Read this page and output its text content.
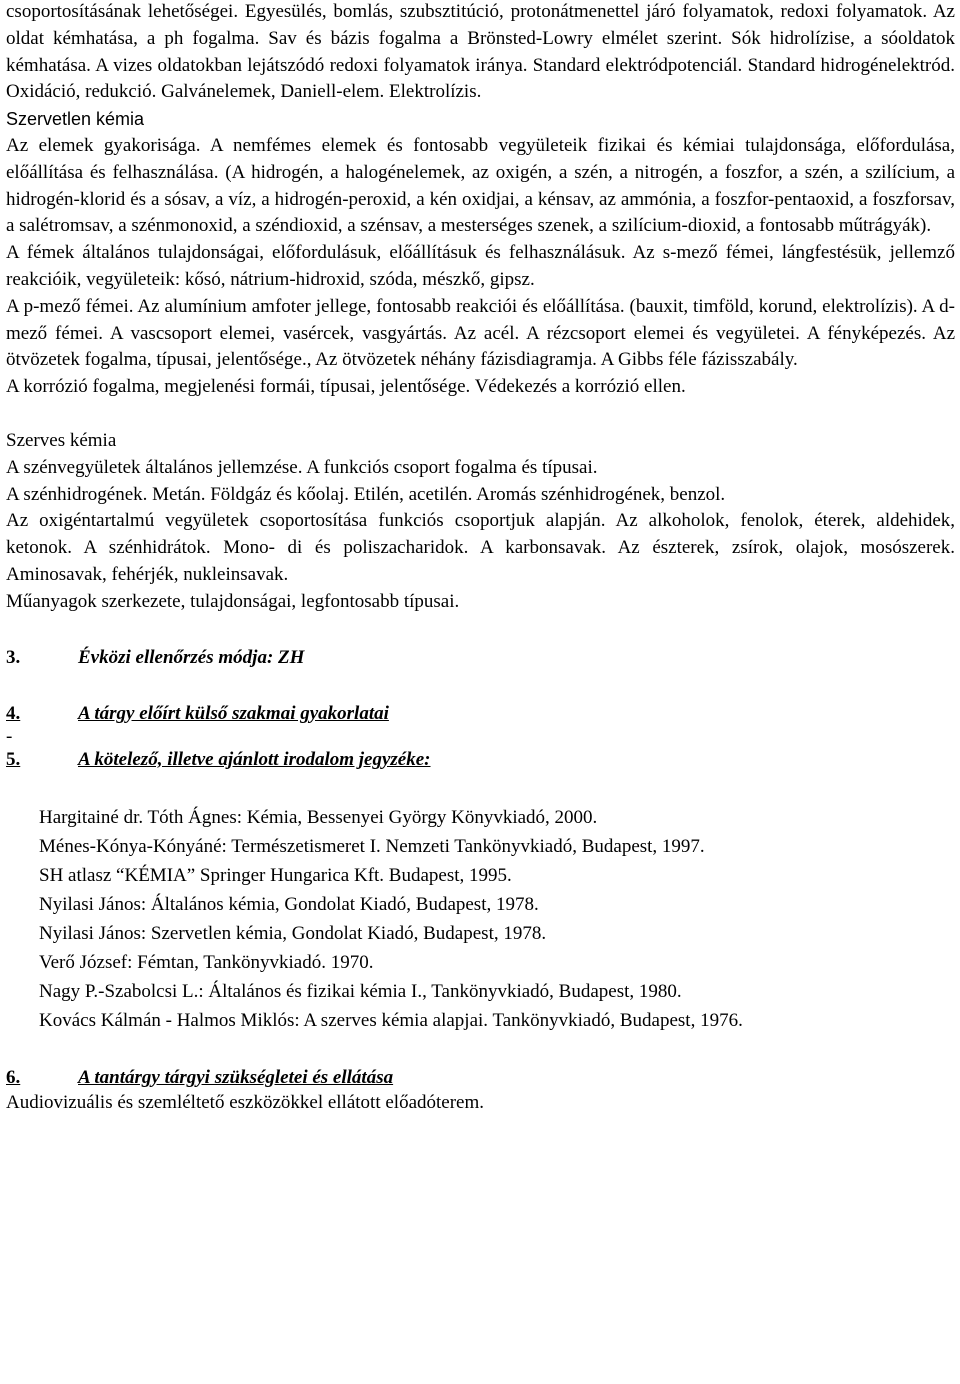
csoportosításának lehetőségei. Egyesülés, bomlás, szubsztitúció, protonátmenettel járó folyamatok, redoxi folyamatok. Az oldat kémhatása, a ph fogalma. Sav és bázis fogalma a Brönsted-Lowry elmélet szerint. Sók hidrolízise, a sóoldatok kémhatása. A vizes oldatokban lejátszódó redoxi folyamatok iránya. Standard elektródpotenciál. Standard hidrogénelektród. Oxidáció, redukció. Galvánelemek, Daniell-elem. Elektrolízis.

Szervetlen kémia

Az elemek gyakorisága. A nemfémes elemek és fontosabb vegyületeik fizikai és kémiai tulajdonsága, előfordulása, előállítása és felhasználása. (A hidrogén, a halogénelemek, az oxigén, a szén, a nitrogén, a foszfor, a szén, a szilícium, a hidrogén-klorid és a sósav, a víz, a hidrogén-peroxid, a kén oxidjai, a kénsav, az ammónia, a foszfor-pentaoxid, a foszforsav, a salétromsav, a szénmonoxid, a széndioxid, a szénsav, a mesterséges szenek, a szilícium-dioxid, a fontosabb műtrágyák).

A fémek általános tulajdonságai, előfordulásuk, előállításuk és felhasználásuk. Az s-mező fémei, lángfestésük, jellemző reakcióik, vegyületeik: kősó, nátrium-hidroxid, szóda, mészkő, gipsz.

A p-mező fémei. Az alumínium amfoter jellege, fontosabb reakciói és előállítása. (bauxit, timföld, korund, elektrolízis). A d-mező fémei. A vascsoport elemei, vasércek, vasgyártás. Az acél. A rézcsoport elemei és vegyületei. A fényképezés. Az ötvözetek fogalma, típusai, jelentősége., Az ötvözetek néhány fázisdiagramja. A Gibbs féle fázisszabály.

A korrózió fogalma, megjelenési formái, típusai, jelentősége. Védekezés a korrózió ellen.

Szerves kémia

A szénvegyületek általános jellemzése. A funkciós csoport fogalma és típusai.

A szénhidrogének. Metán. Földgáz és kőolaj. Etilén, acetilén. Aromás szénhidrogének, benzol.

Az oxigéntartalmú vegyületek csoportosítása funkciós csoportjuk alapján. Az alkoholok, fenolok, éterek, aldehidek, ketonok. A szénhidrátok. Mono- di és poliszacharidok. A karbonsavak. Az észterek, zsírok, olajok, mosószerek. Aminosavak, fehérjék, nukleinsavak.

Műanyagok szerkezete, tulajdonságai, legfontosabb típusai.

3.	Évközi ellenőrzés módja: ZH
4.	A tárgy előírt külső szakmai gyakorlatai

-

5.	A kötelező, illetve ajánlott irodalom jegyzéke:

Hargitainé dr. Tóth Ágnes: Kémia, Bessenyei György Könyvkiadó, 2000.

Ménes-Kónya-Kónyáné: Természetismeret I. Nemzeti Tankönyvkiadó, Budapest, 1997.

SH atlasz “KÉMIA” Springer Hungarica Kft. Budapest, 1995.

Nyilasi János: Általános kémia, Gondolat Kiadó, Budapest, 1978.

Nyilasi János: Szervetlen kémia, Gondolat Kiadó, Budapest, 1978.

Verő József: Fémtan, Tankönyvkiadó. 1970.

Nagy P.-Szabolcsi L.: Általános és fizikai kémia I., Tankönyvkiadó, Budapest, 1980.

Kovács Kálmán - Halmos Miklós: A szerves kémia alapjai. Tankönyvkiadó, Budapest, 1976.

6.	A tantárgy tárgyi szükségletei és ellátása

Audiovizuális és szemléltető eszközökkel ellátott előadóterem.
